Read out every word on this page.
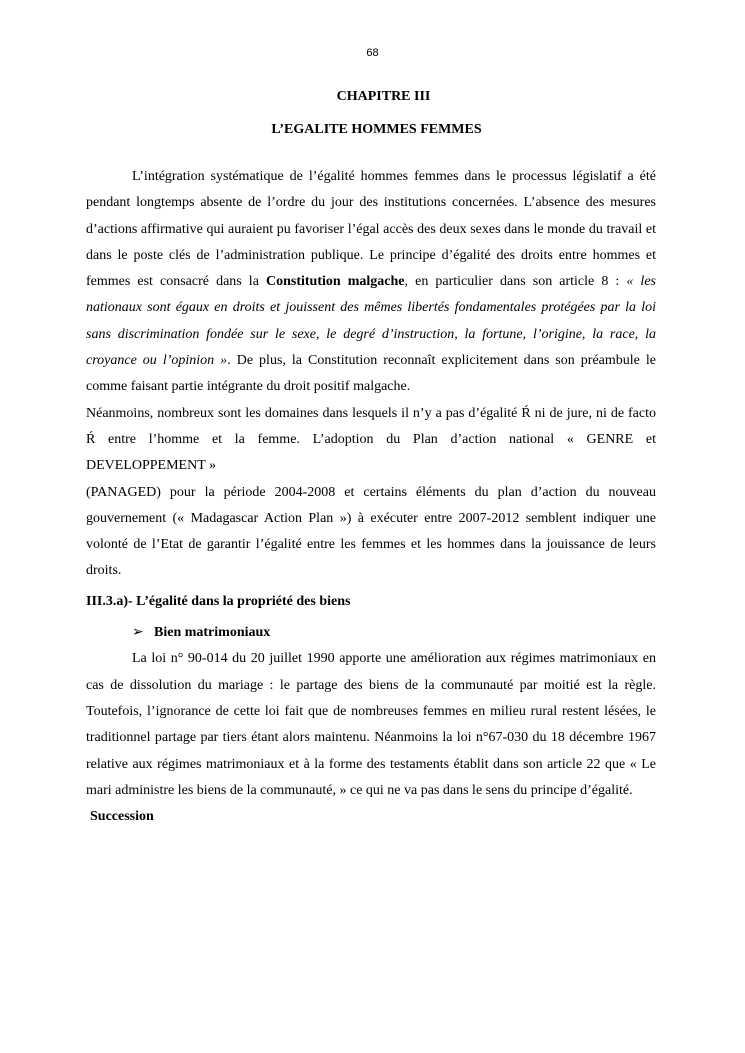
68
CHAPITRE III
L’EGALITE HOMMES FEMMES

L’intégration systématique de l’égalité hommes femmes dans le processus législatif a été pendant longtemps absente de l’ordre du jour des institutions concernées. L’absence des mesures d’actions affirmative qui auraient pu favoriser l’égal accès des deux sexes dans le monde du travail et dans le poste clés de l’administration publique. Le principe d’égalité des droits entre hommes et femmes est consacré dans la Constitution malgache, en particulier dans son article 8 : « les nationaux sont égaux en droits et jouissent des mêmes libertés fondamentales protégées par la loi sans discrimination fondée sur le sexe, le degré d’instruction, la fortune, l’origine, la race, la croyance ou l’opinion ». De plus, la Constitution reconnaît explicitement dans son préambule le comme faisant partie intégrante du droit positif malgache.

Néanmoins, nombreux sont les domaines dans lesquels il n’y a pas d’égalité Ŕ ni de jure, ni de facto Ŕ entre l’homme et la femme. L’adoption du Plan d’action national « GENRE et DEVELOPPEMENT »

(PANAGED) pour la période 2004-2008 et certains éléments du plan d’action du nouveau gouvernement (« Madagascar Action Plan ») à exécuter entre 2007-2012 semblent indiquer une volonté de l’Etat de garantir l’égalité entre les femmes et les hommes dans la jouissance de leurs droits.

III.3.a)- L’égalité dans la propriété des biens

➢ Bien matrimoniaux

La loi n° 90-014 du 20 juillet 1990 apporte une amélioration aux régimes matrimoniaux en cas de dissolution du mariage : le partage des biens de la communauté par moitié est la règle. Toutefois, l’ignorance de cette loi fait que de nombreuses femmes en milieu rural restent lésées, le traditionnel partage par tiers étant alors maintenu. Néanmoins la loi n°67-030 du 18 décembre 1967 relative aux régimes matrimoniaux et à la forme des testaments établit dans son article 22 que « Le mari administre les biens de la communauté, » ce qui ne va pas dans le sens du principe d’égalité.

Succession
